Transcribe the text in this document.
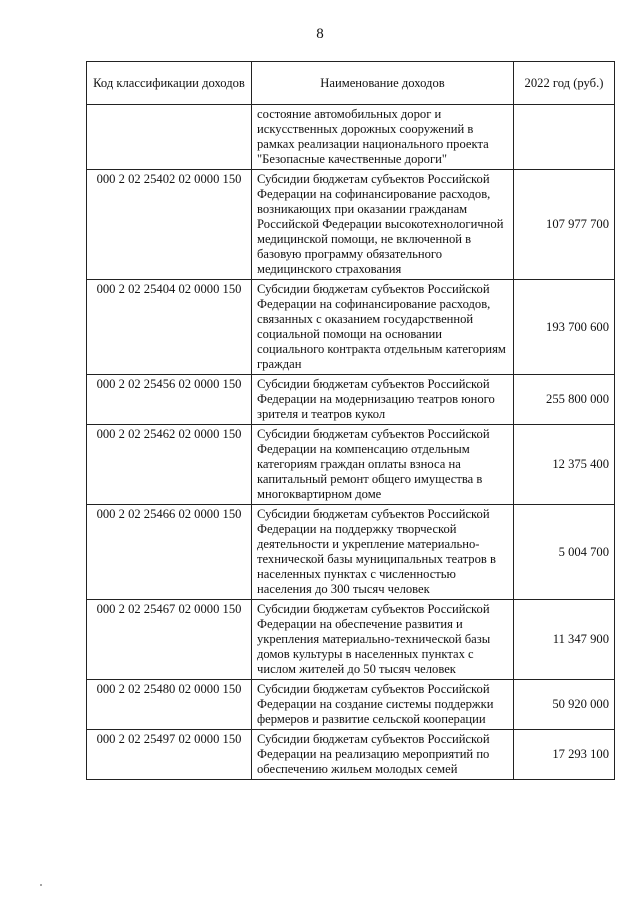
8
Код классификации доходов	Наименование доходов	2022 год (руб.)
	состояние автомобильных дорог и искусственных дорожных сооружений в рамках реализации национального проекта "Безопасные качественные дороги"	
000 2 02 25402 02 0000 150	Субсидии бюджетам субъектов Российской Федерации на софинансирование расходов, возникающих при оказании гражданам Российской Федерации высокотехнологичной медицинской помощи, не включенной в базовую программу обязательного медицинского страхования	107 977 700
000 2 02 25404 02 0000 150	Субсидии бюджетам субъектов Российской Федерации на софинансирование расходов, связанных с оказанием государственной социальной помощи на основании социального контракта отдельным категориям граждан	193 700 600
000 2 02 25456 02 0000 150	Субсидии бюджетам субъектов Российской Федерации на модернизацию театров юного зрителя и театров кукол	255 800 000
000 2 02 25462 02 0000 150	Субсидии бюджетам субъектов Российской Федерации на компенсацию отдельным категориям граждан оплаты взноса на капитальный ремонт общего имущества в многоквартирном доме	12 375 400
000 2 02 25466 02 0000 150	Субсидии бюджетам субъектов Российской Федерации на поддержку творческой деятельности и укрепление материально-технической базы муниципальных театров в населенных пунктах с численностью населения до 300 тысяч человек	5 004 700
000 2 02 25467 02 0000 150	Субсидии бюджетам субъектов Российской Федерации на обеспечение развития и укрепления материально-технической базы домов культуры в населенных пунктах с числом жителей до 50 тысяч человек	11 347 900
000 2 02 25480 02 0000 150	Субсидии бюджетам субъектов Российской Федерации на создание системы поддержки фермеров и развитие сельской кооперации	50 920 000
000 2 02 25497 02 0000 150	Субсидии бюджетам субъектов Российской Федерации на реализацию мероприятий по обеспечению жильем молодых семей	17 293 100
